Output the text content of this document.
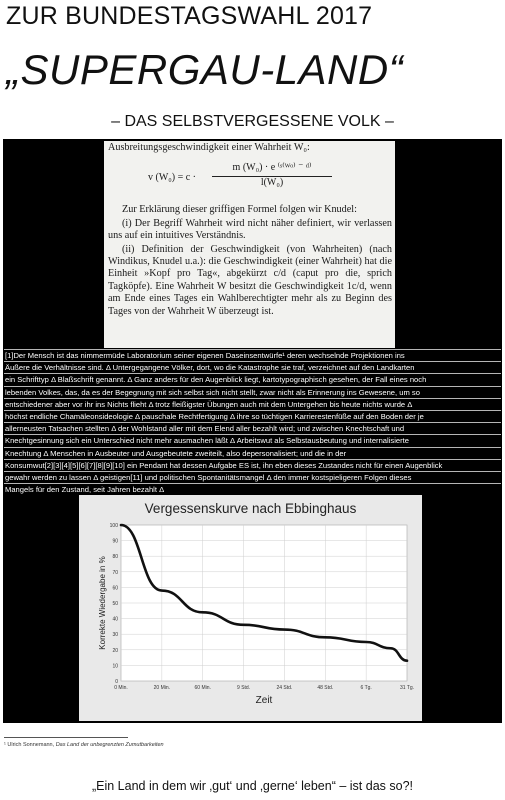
ZUR BUNDESTAGSWAHL 2017
„SUPERGAU-LAND“
– DAS SELBSTVERGESSENE VOLK –

Ausbreitungsgeschwindigkeit einer Wahrheit W₀:

v $(W_0) = c \cdot \frac{\text{m (W₀) · e ⁽ˢ⁽ᵂᵒ⁾ ⁻ ᵈ⁾}}{\text{l(W₀)}}$

Zur Erklärung dieser griffigen Formel folgen wir Knudel:

(i) Der Begriff Wahrheit wird nicht näher definiert, wir verlassen uns auf ein intuitives Verständnis.

(ii) Definition der Geschwindigkeit (von Wahrheiten) (nach Windikus, Knudel u.a.): die Geschwindigkeit (einer Wahrheit) hat die Einheit »Kopf pro Tag«, abgekürzt c/d (caput pro die, sprich Tagköpfe). Eine Wahrheit W besitzt die Geschwindigkeit 1c/d, wenn am Ende eines Tages ein Wahlberechtigter mehr als zu Beginn des Tages von der Wahrheit W überzeugt ist.

[1]Der Mensch ist das nimmermüde Laboratorium seiner eigenen Daseinsentwürfe¹ deren wechselnde Projektionen ins
Äußere die Verhältnisse sind. Δ Untergegangene Völker, dort, wo die Katastrophe sie traf, verzeichnet auf den Landkarten
ein Schrifttyp Δ Blaßschrift genannt. Δ Ganz anders für den Augenblick liegt, kartotypographisch gesehen, der Fall eines noch
lebenden Volkes, das, da es der Begegnung mit sich selbst sich nicht stellt, zwar nicht als Erinnerung ins Gewesene, um so
entschiedener aber vor ihr ins Nichts flieht Δ trotz fleißigster Übungen auch mit dem Untergehen bis heute nichts wurde Δ
höchst endliche Chamäleonsideologie Δ pauschale Rechtfertigung Δ ihre so tüchtigen Karrierestenfüße auf den Boden der je
allerneusten Tatsachen stellten Δ der Wohlstand aller mit dem Elend aller bezahlt wird; und zwischen Knechtschaft und
Knechtgesinnung sich ein Unterschied nicht mehr ausmachen läßt Δ Arbeitswut als Selbstausbeutung und internalisierte
Knechtung Δ Menschen in Ausbeuter und Ausgebeutete zweiteilt, also depersonalisiert; und die in der
Konsumwut[2][3][4][5][6][7][8][9][10] ein Pendant hat dessen Aufgabe ES ist, ihn eben dieses Zustandes nicht für einen Augenblick
gewahr werden zu lassen Δ geistigen[11] und politischen Spontanitätsmangel Δ den immer kostspieligeren Folgen dieses
Mangels für den Zustand, seit Jahren bezahlt Δ
Vergessenskurve nach Ebbinghaus
0
10
20
30
40
50
60
70
80
90
100
0 Min.	20 Min.	60 Min.	9 Std.	24 Std.	48 Std.	6 Tg.	31 Tg.
Zeit
Korrekte Wiedergabe in %
¹ Ulrich Sonnemann, Das Land der unbegrenzten Zumutbarkeiten
„Ein Land in dem wir ‚gut‘ und ‚gerne‘ leben“ – ist das so?!
